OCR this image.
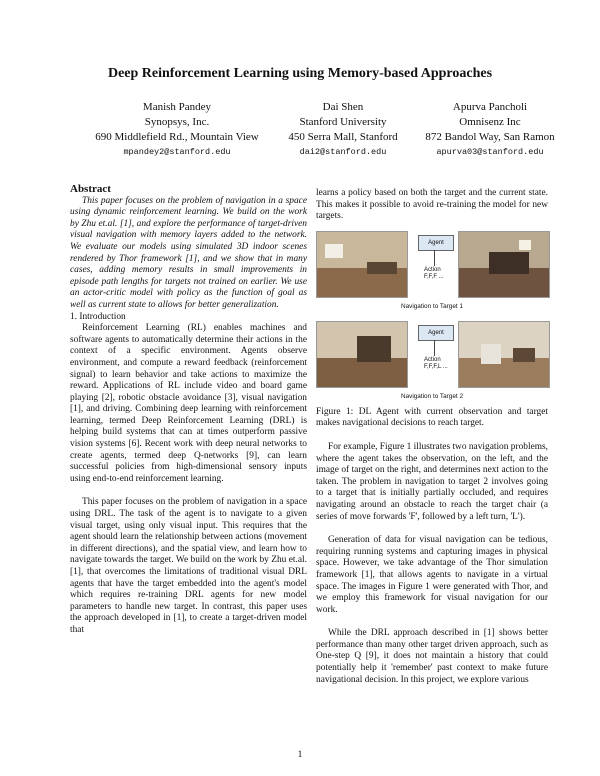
Deep Reinforcement Learning using Memory-based Approaches
Manish Pandey
Synopsys, Inc.
690 Middlefield Rd., Mountain View
mpandey2@stanford.edu
Dai Shen
Stanford University
450 Serra Mall, Stanford
dai2@stanford.edu
Apurva Pancholi
Omnisenz Inc
872 Bandol Way, San Ramon
apurva03@stanford.edu

Abstract

This paper focuses on the problem of navigation in a space using dynamic reinforcement learning. We build on the work by Zhu et.al. [1], and explore the performance of target-driven visual navigation with memory layers added to the network. We evaluate our models using simulated 3D indoor scenes rendered by Thor framework [1], and we show that in many cases, adding memory results in small improvements in episode path lengths for targets not trained on earlier. We use an actor-critic model with policy as the function of goal as well as current state to allows for better generalization.

1. Introduction

Reinforcement Learning (RL) enables machines and software agents to automatically determine their actions in the context of a specific environment. Agents observe environment, and compute a reward feedback (reinforcement signal) to learn behavior and take actions to maximize the reward. Applications of RL include video and board game playing [2], robotic obstacle avoidance [3], visual navigation [1], and driving. Combining deep learning with reinforcement learning, termed Deep Reinforcement Learning (DRL) is helping build systems that can at times outperform passive vision systems [6]. Recent work with deep neural networks to create agents, termed deep Q-networks [9], can learn successful policies from high-dimensional sensory inputs using end-to-end reinforcement learning.

This paper focuses on the problem of navigation in a space using DRL. The task of the agent is to navigate to a given visual target, using only visual input. This requires that the agent should learn the relationship between actions (movement in different directions), and the spatial view, and learn how to navigate towards the target. We build on the work by Zhu et.al. [1], that overcomes the limitations of traditional visual DRL agents that have the target embedded into the agent's model which requires re-training DRL agents for new model parameters to handle new target. In contrast, this paper uses the approach developed in [1], to create a target-driven model that

learns a policy based on both the target and the current state. This makes it possible to avoid re-training the model for new targets.

Agent
Action
F,F,F ...
Navigation to Target 1
Agent
Action
F,F,F,L ...
Navigation to Target 2

Figure 1: DL Agent with current observation and target makes navigational decisions to reach target.

For example, Figure 1 illustrates two navigation problems, where the agent takes the observation, on the left, and the image of target on the right, and determines next action to the taken. The problem in navigation to target 2 involves going to a target that is initially partially occluded, and requires navigating around an obstacle to reach the target chair (a series of move forwards 'F', followed by a left turn, 'L').

Generation of data for visual navigation can be tedious, requiring running systems and capturing images in physical space. However, we take advantage of the Thor simulation framework [1], that allows agents to navigate in a virtual space. The images in Figure 1 were generated with Thor, and we employ this framework for visual navigation for our work.

While the DRL approach described in [1] shows better performance than many other target driven approach, such as One-step Q [9], it does not maintain a history that could potentially help it 'remember' past context to make future navigational decision. In this project, we explore various

1
